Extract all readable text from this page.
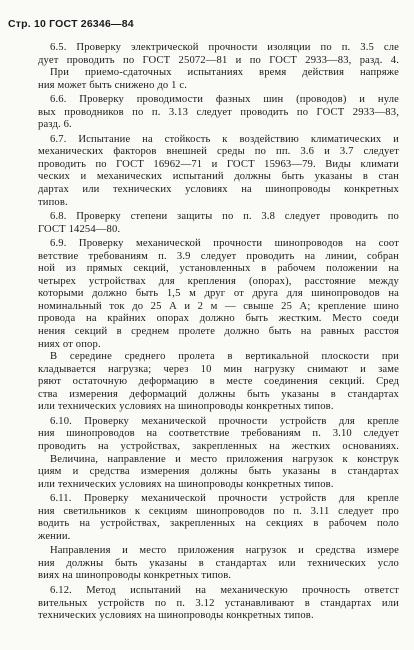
Стр. 10 ГОСТ 26346—84
6.5. Проверку электрической прочности изоляции по п. 3.5 сле
дует проводить по ГОСТ 25072—81 и по ГОСТ 2933—83, разд. 4.
При приемо-сдаточных испытаниях время действия напряже
ния может быть снижено до 1 с.
6.6. Проверку проводимости фазных шин (проводов) и нуле
вых проводников по п. 3.13 следует проводить по ГОСТ 2933—83,
разд. 6.
6.7. Испытание на стойкость к воздействию климатических и
механических факторов внешней среды по пп. 3.6 и 3.7 следует
проводить по ГОСТ 16962—71 и ГОСТ 15963—79. Виды климати
ческих и механических испытаний должны быть указаны в стан
дартах или технических условиях на шинопроводы конкретных
типов.
6.8. Проверку степени защиты по п. 3.8 следует проводить по
ГОСТ 14254—80.
6.9. Проверку механической прочности шинопроводов на соот
ветствие требованиям п. 3.9 следует проводить на линии, собран
ной из прямых секций, установленных в рабочем положении на
четырех устройствах для крепления (опорах), расстояние между
которыми должно быть 1,5 м друг от друга для шинопроводов на
номинальный ток до 25 А и 2 м — свыше 25 А; крепление шино
провода на крайних опорах должно быть жестким. Место соеди
нения секций в среднем пролете должно быть на равных расстоя
ниях от опор.
В середине среднего пролета в вертикальной плоскости при
кладывается нагрузка; через 10 мин нагрузку снимают и заме
ряют остаточную деформацию в месте соединения секций. Сред
ства измерения деформаций должны быть указаны в стандартах
или технических условиях на шинопроводы конкретных типов.
6.10. Проверку механической прочности устройств для крепле
ния шинопроводов на соответствие требованиям п. 3.10 следует
проводить на устройствах, закрепленных на жестких основаниях.
Величина, направление и место приложения нагрузок к конструк
циям и средства измерения должны быть указаны в стандартах
или технических условиях на шинопроводы конкретных типов.
6.11. Проверку механической прочности устройств для крепле
ния светильников к секциям шинопроводов по п. 3.11 следует про
водить на устройствах, закрепленных на секциях в рабочем поло
жении.
Направления и место приложения нагрузок и средства измере
ния должны быть указаны в стандартах или технических усло
виях на шинопроводы конкретных типов.
6.12. Метод испытаний на механическую прочность ответст
вительных устройств по п. 3.12 устанавливают в стандартах или
технических условиях на шинопроводы конкретных типов.
